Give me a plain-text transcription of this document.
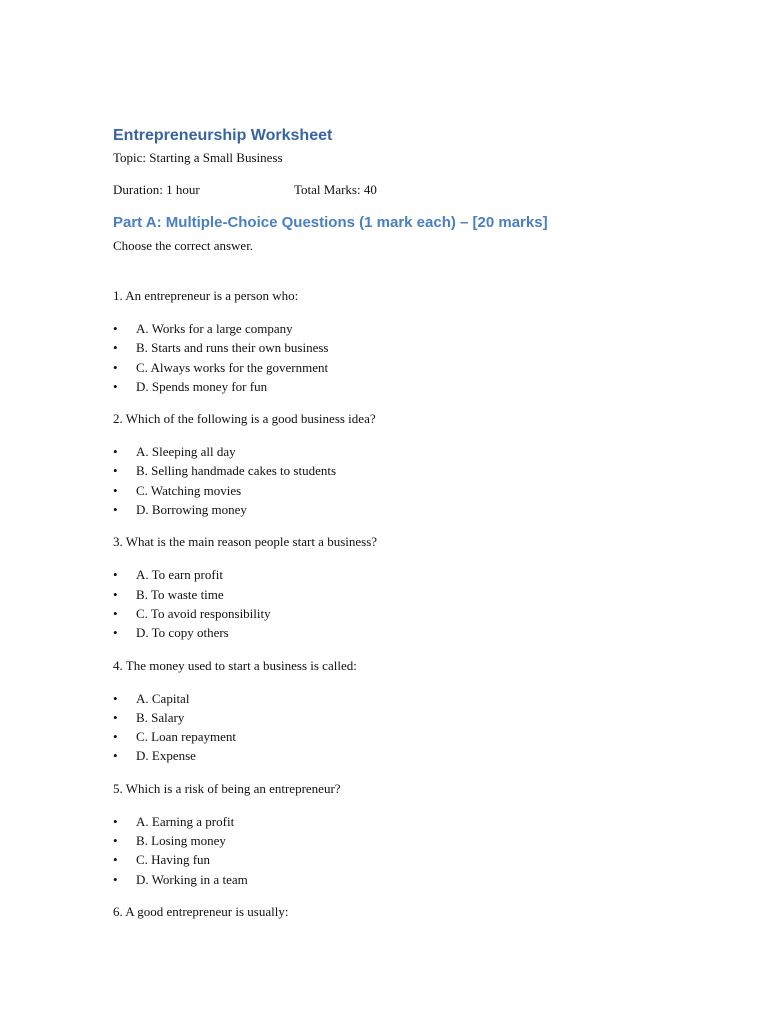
Entrepreneurship Worksheet

Topic: Starting a Small Business

Duration: 1 hour	Total Marks: 40
Part A: Multiple-Choice Questions (1 mark each) – [20 marks]

Choose the correct answer.

1. An entrepreneur is a person who:

• A. Works for a large company
• B. Starts and runs their own business
• C. Always works for the government
• D. Spends money for fun

2. Which of the following is a good business idea?

• A. Sleeping all day
• B. Selling handmade cakes to students
• C. Watching movies
• D. Borrowing money

3. What is the main reason people start a business?

• A. To earn profit
• B. To waste time
• C. To avoid responsibility
• D. To copy others

4. The money used to start a business is called:

• A. Capital
• B. Salary
• C. Loan repayment
• D. Expense

5. Which is a risk of being an entrepreneur?

• A. Earning a profit
• B. Losing money
• C. Having fun
• D. Working in a team

6. A good entrepreneur is usually:
